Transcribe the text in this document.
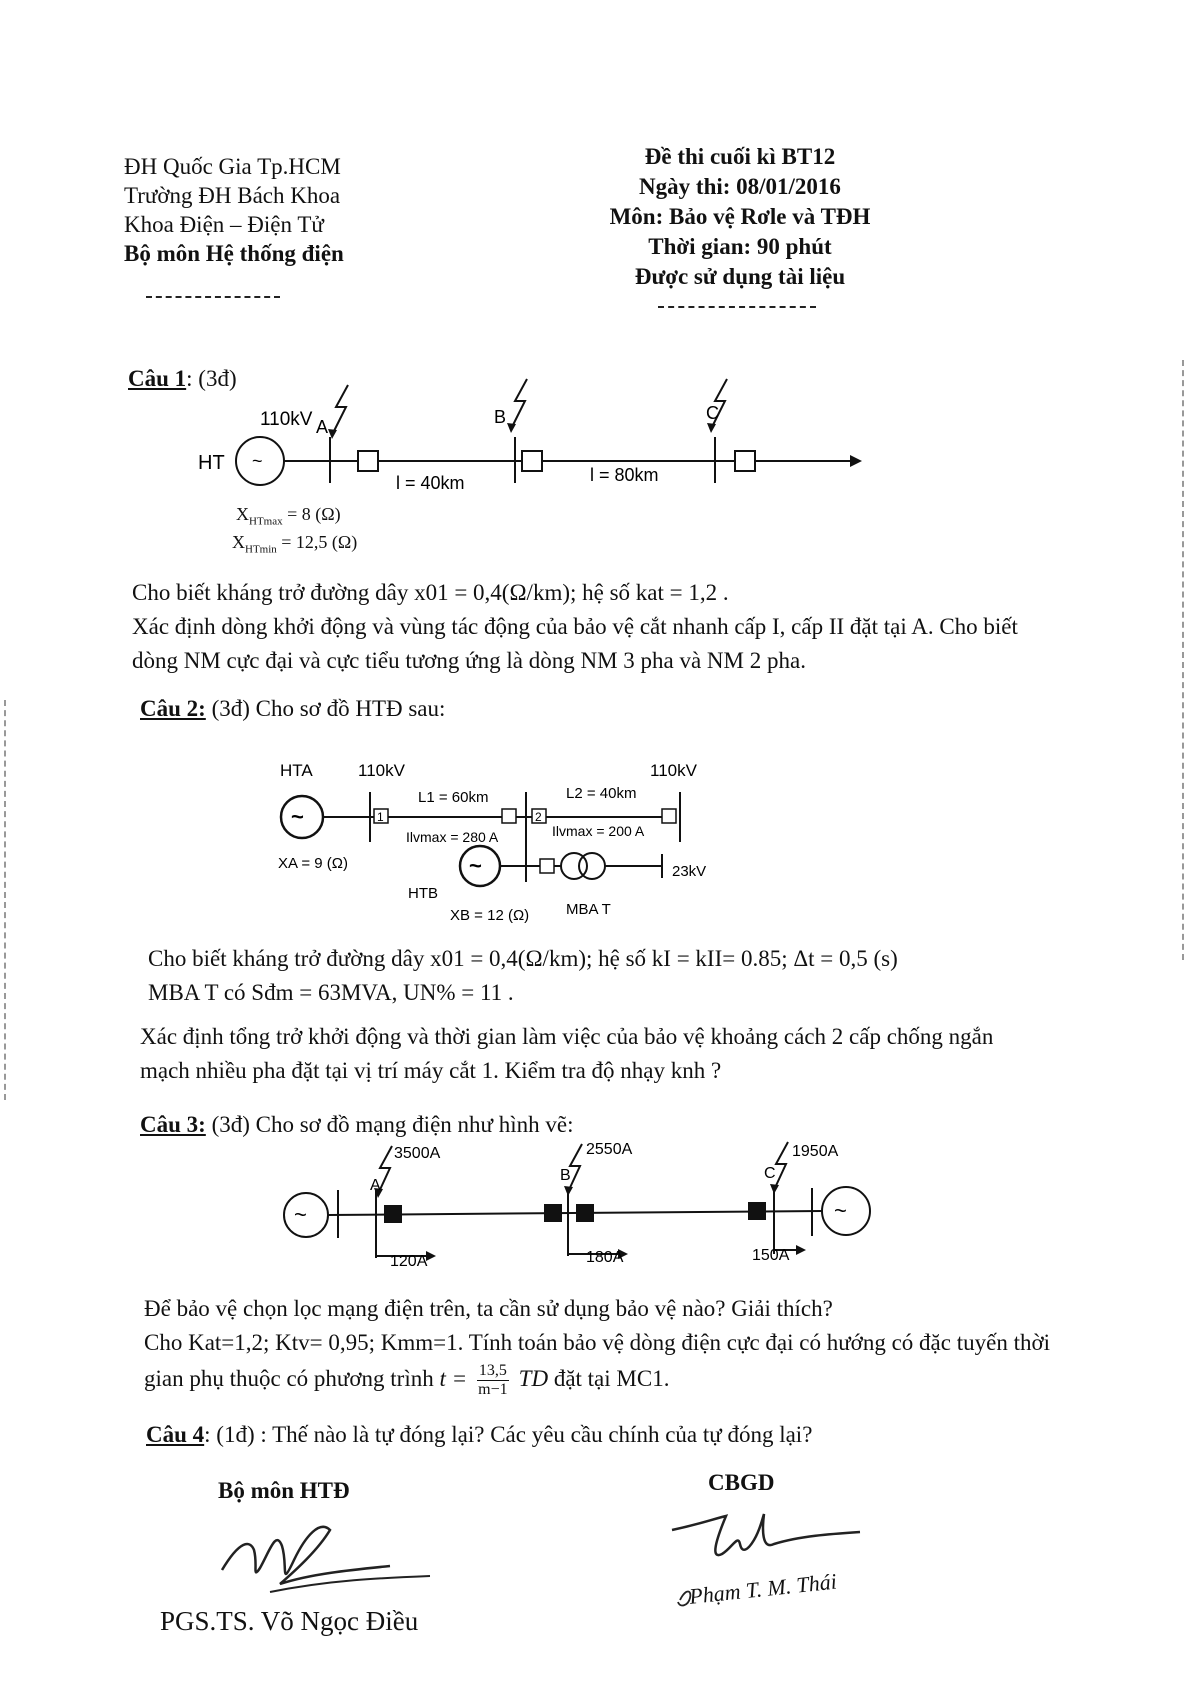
ĐH Quốc Gia Tp.HCM
Trường ĐH Bách Khoa
Khoa Điện – Điện Tử
Bộ môn Hệ thống điện
Đề thi cuối kì BT12
Ngày thi: 08/01/2016
Môn: Bảo vệ Rơle và TĐH
Thời gian: 90 phút
Được sử dụng tài liệu
Câu 1: (3đ)
~
HT
110kV A	B	C
l = 40km	l = 80km
$X_{HTmax} = 8$ (Ω)
$X_{HTmin} = 12,5$ (Ω)
Cho biết kháng trở đường dây x01 = 0,4(Ω/km); hệ số kat = 1,2 .
Xác định dòng khởi động và vùng tác động của bảo vệ cắt nhanh cấp I, cấp II đặt tại A. Cho biết
dòng NM cực đại và cực tiểu tương ứng là dòng NM 3 pha và NM 2 pha.
Câu 2: (3đ) Cho sơ đồ HTĐ sau:
HTA	110kV	110kV
~	1	2
L1 = 60km	L2 = 40km
Ilvmax = 280 A	Ilvmax = 200 A
XA = 9 (Ω)	~	23kV
HTB
XB = 12 (Ω) MBA T
Cho biết kháng trở đường dây x01 = 0,4(Ω/km); hệ số kI = kII= 0.85; Δt = 0,5 (s)
MBA T có Sđm = 63MVA, UN% = 11 .
Xác định tổng trở khởi động và thời gian làm việc của bảo vệ khoảng cách 2 cấp chống ngắn
mạch nhiều pha đặt tại vị trí máy cắt 1. Kiểm tra độ nhạy knh ?
Câu 3: (3đ) Cho sơ đồ mạng điện như hình vẽ:
~	~
A
B	C
3500A	2550A	1950A
120A	180A	150A
Để bảo vệ chọn lọc mạng điện trên, ta cần sử dụng bảo vệ nào? Giải thích?
Cho Kat=1,2; Ktv= 0,95; Kmm=1. Tính toán bảo vệ dòng điện cực đại có hướng có đặc tuyến thời
gian phụ thuộc có phương trình $t = \frac{13,5}{m-1}$ TD đặt tại MC1.
Câu 4: (1đ) : Thế nào là tự đóng lại? Các yêu cầu chính của tự đóng lại?
Bộ môn HTĐ	CBGD
PGS.TS. Võ Ngọc Điều
Phạm T. M. Thái
